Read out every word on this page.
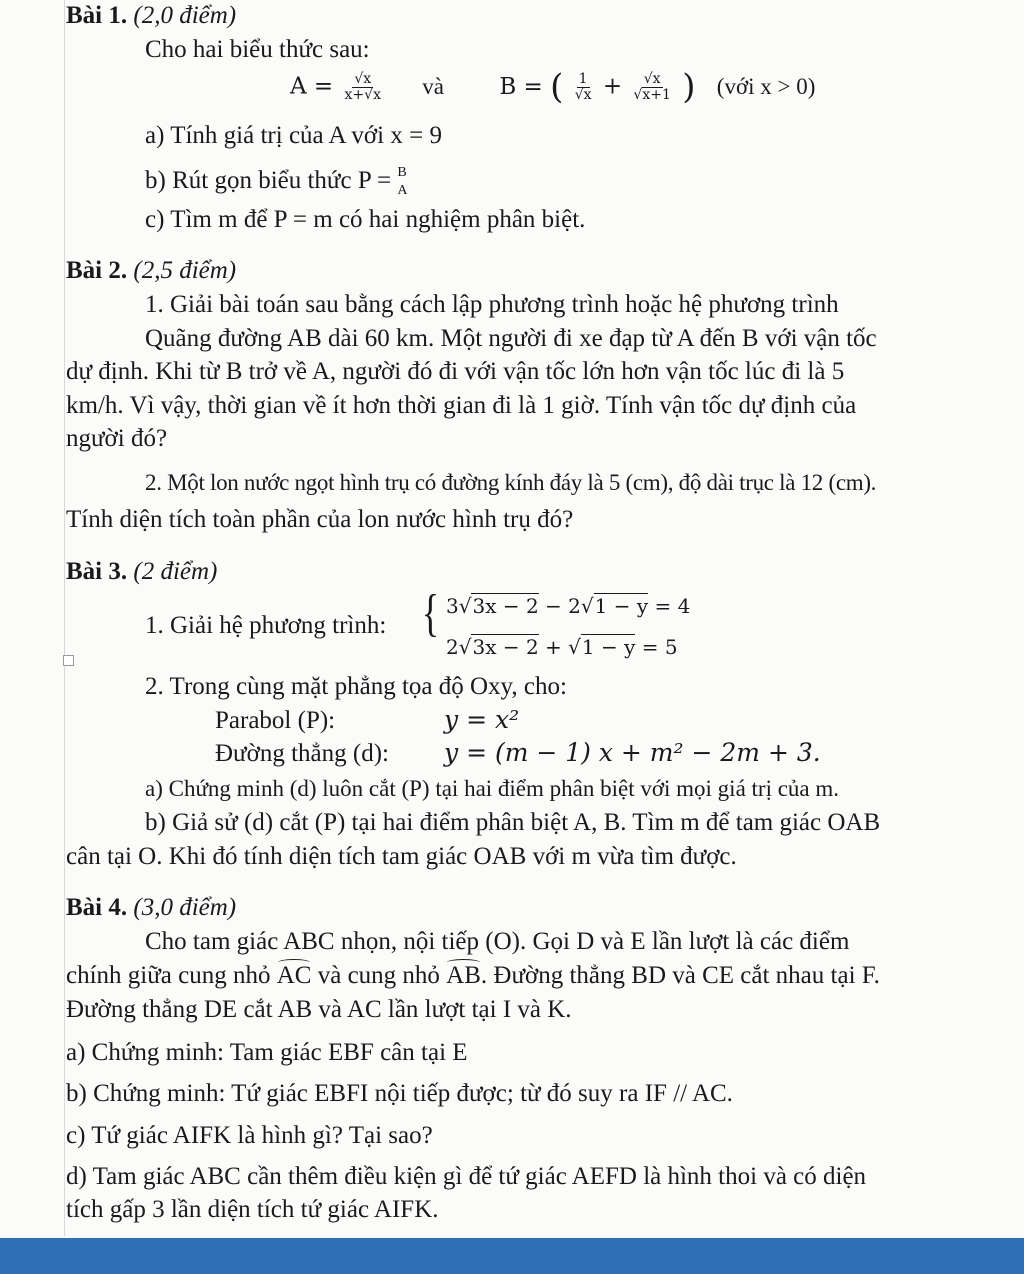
Bài 1. (2,0 điểm)
Cho hai biểu thức sau:
$A = \frac{√x}{x+√x}$ và B = ( $\frac{1}{√x} + \frac{√x}{√x+1}$ ) (với x > 0)
a) Tính giá trị của A với x = 9
b) Rút gọn biểu thức P = B
A
c) Tìm m để P = m có hai nghiệm phân biệt.
Bài 2. (2,5 điểm)
1. Giải bài toán sau bằng cách lập phương trình hoặc hệ phương trình
Quãng đường AB dài 60 km. Một người đi xe đạp từ A đến B với vận tốc
dự định. Khi từ B trở về A, người đó đi với vận tốc lớn hơn vận tốc lúc đi là 5
km/h. Vì vậy, thời gian về ít hơn thời gian đi là 1 giờ. Tính vận tốc dự định của
người đó?
2. Một lon nước ngọt hình trụ có đường kính đáy là 5 (cm), độ dài trục là 12 (cm).
Tính diện tích toàn phần của lon nước hình trụ đó?
Bài 3. (2 điểm)
1. Giải hệ phương trình: { 3√3x − 2 − 2√1 − y = 4
2√3x − 2 + √1 − y = 5
2. Trong cùng mặt phẳng tọa độ Oxy, cho:
Parabol (P):	y = x²
Đường thẳng (d): y = (m − 1) x + m² − 2m + 3.
a) Chứng minh (d) luôn cắt (P) tại hai điểm phân biệt với mọi giá trị của m.
b) Giả sử (d) cắt (P) tại hai điểm phân biệt A, B. Tìm m để tam giác OAB
cân tại O. Khi đó tính diện tích tam giác OAB với m vừa tìm được.
Bài 4. (3,0 điểm)
Cho tam giác ABC nhọn, nội tiếp (O). Gọi D và E lần lượt là các điểm
chính giữa cung nhỏ AC và cung nhỏ AB. Đường thẳng BD và CE cắt nhau tại F.
Đường thẳng DE cắt AB và AC lần lượt tại I và K.
a) Chứng minh: Tam giác EBF cân tại E
b) Chứng minh: Tứ giác EBFI nội tiếp được; từ đó suy ra IF // AC.
c) Tứ giác AIFK là hình gì? Tại sao?
d) Tam giác ABC cần thêm điều kiện gì để tứ giác AEFD là hình thoi và có diện
tích gấp 3 lần diện tích tứ giác AIFK.
